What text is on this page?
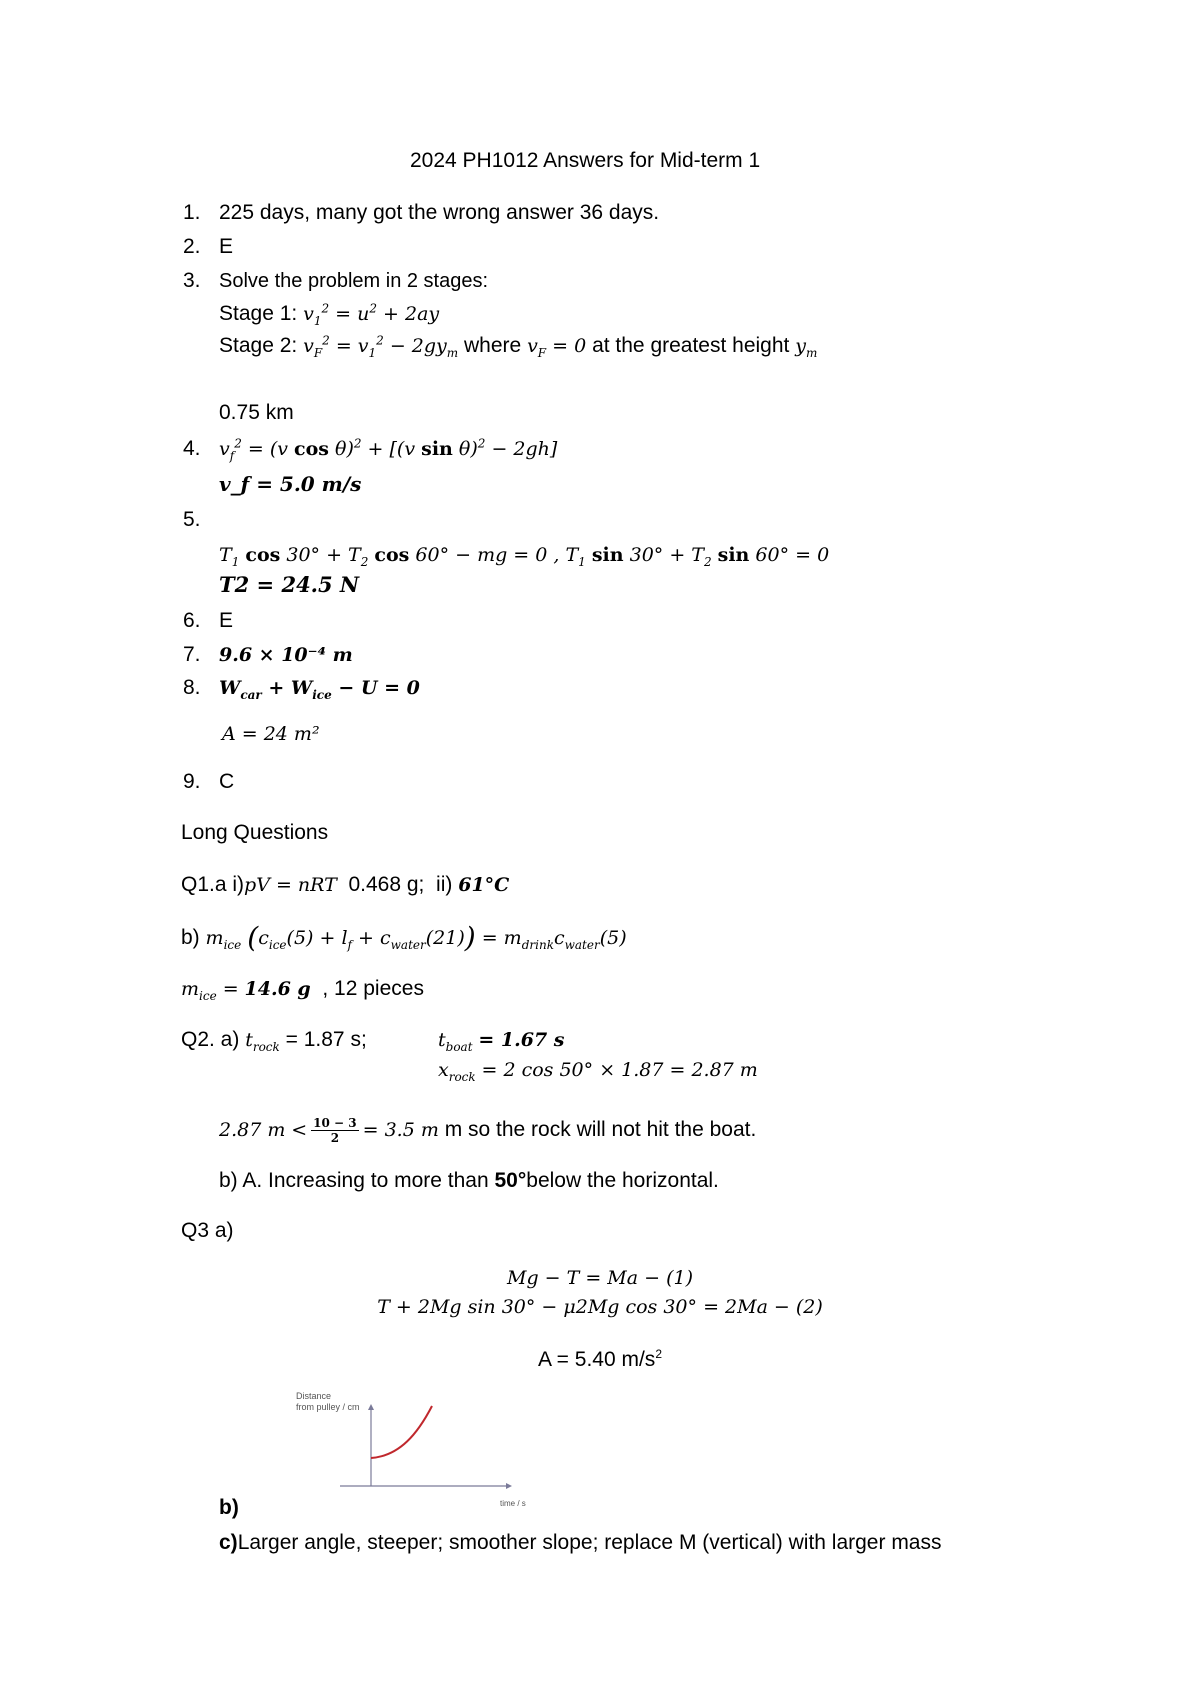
2024 PH1012 Answers for Mid-term 1
1. 225 days, many got the wrong answer 36 days.
2. E
3. Solve the problem in 2 stages:
Stage 1: $v_1^2 = u^2 + 2ay$
Stage 2: $v_F^2 = v_1^2 - 2gy_m$ where $v_F = 0$ at the greatest height $y_m$
0.75 km
4. $v_f^2 = (v$ cos θ)$^2$ + [(v sin θ)$^2$ − 2gh]
v_f = 5.0 m/s
5.
$T_1$ $\cos 30^\circ + T_2$ cos 60° − mg = 0 , $T_1$ $\sin 30^\circ + T_2$ sin 60° = 0
T2 = 24.5 N
6. E
7. 9.6 × 10⁻⁴ m
8. $W_{car} + W_{ice} - U = 0$
A = 24 m²
9. C
Long Questions
Q1.a i)pV = nRT 0.468 g; ii) 61°C
b) $m_{ice}$ $(c_{ice}(5) + l_f + c_{water}(21)) = m_{drink}c_{water}(5)$
$m_{ice} = 14.6$ g , 12 pieces
Q2. a) $t_{rock} = 1.87$ s;	$t_{boat} = 1.67$ s
$x_{rock} = 2$ cos 50° × 1.87 = 2.87 m
2.87 $m < \frac{10 - 3}{2} = 3.5$ m m so the rock will not hit the boat.
b) A. Increasing to more than 50°below the horizontal.
Q3 a)
Mg − T = Ma − (1)
T + 2Mg sin 30° − μ2Mg cos 30° = 2Ma − (2)
A = 5.40 $m/s^2$
Distance
from pulley / cm
time / s
b)
c)Larger angle, steeper; smoother slope; replace M (vertical) with larger mass
